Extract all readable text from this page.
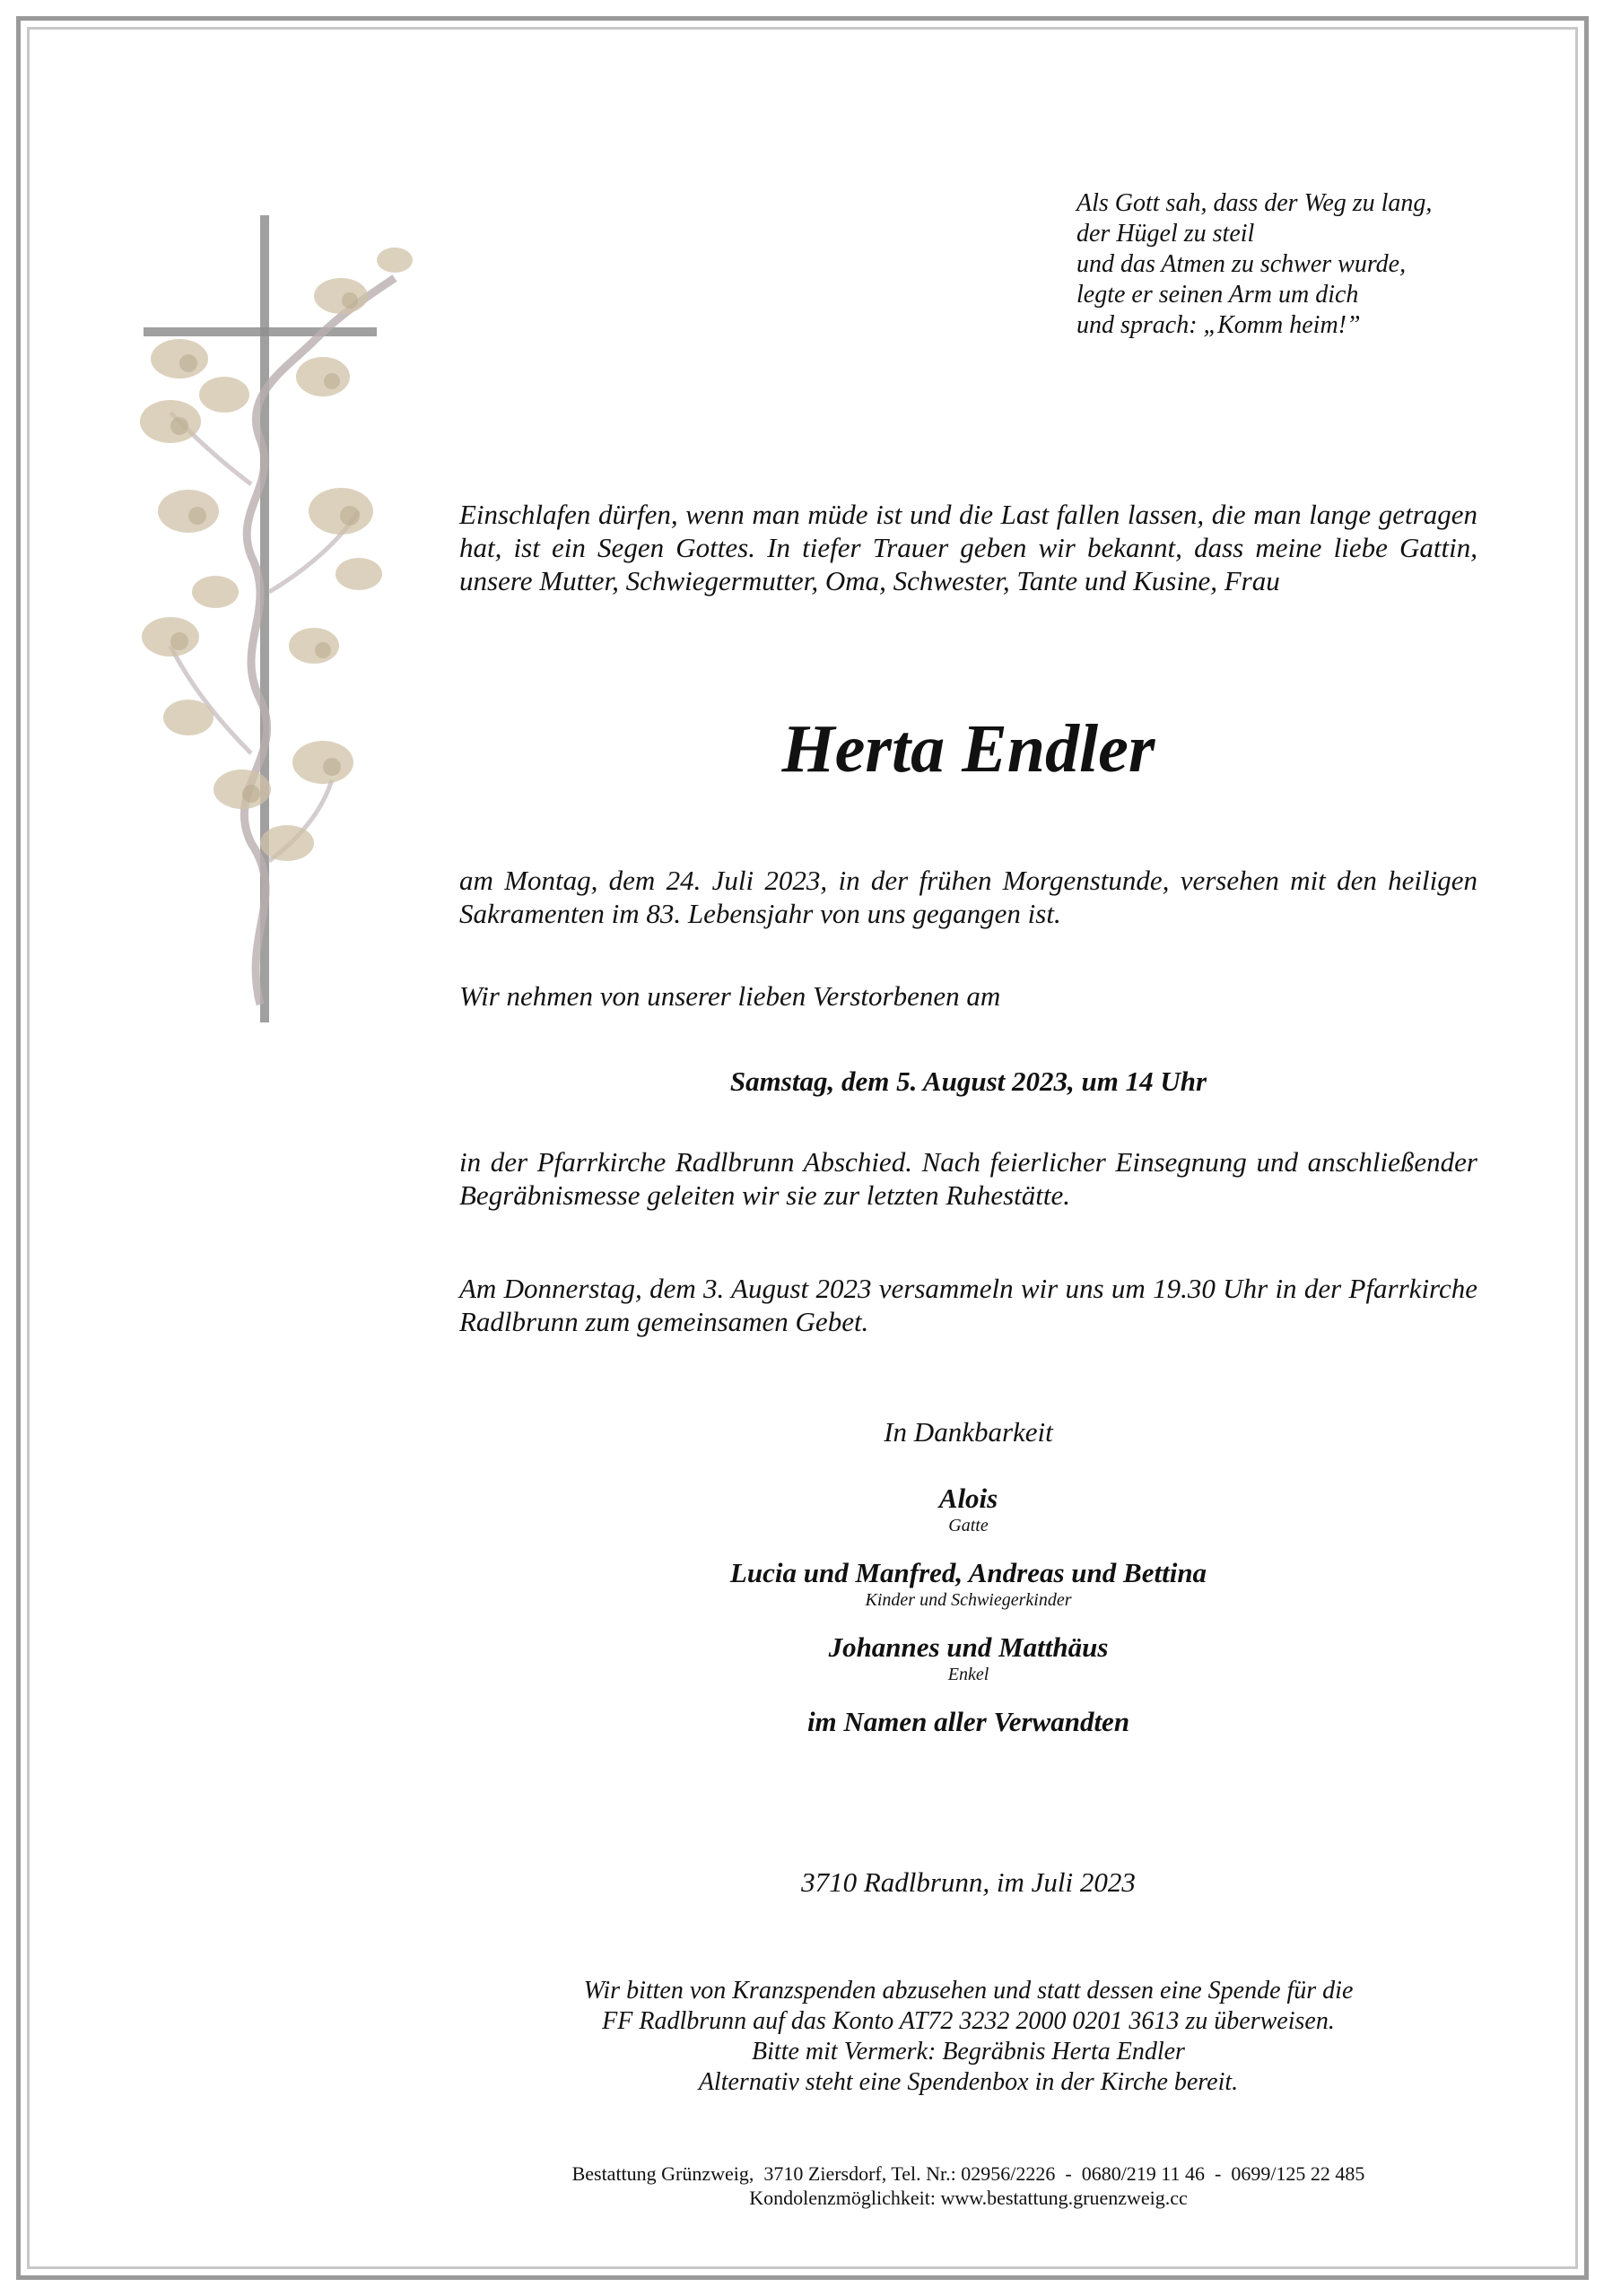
Als Gott sah, dass der Weg zu lang,
der Hügel zu steil
und das Atmen zu schwer wurde,
legte er seinen Arm um dich
und sprach: „Komm heim!”
Einschlafen dürfen, wenn man müde ist und die Last fallen lassen, die man lange getragen hat, ist ein Segen Gottes. In tiefer Trauer geben wir bekannt, dass meine liebe Gattin, unsere Mutter, Schwiegermutter, Oma, Schwester, Tante und Kusine, Frau
Herta Endler
am Montag, dem 24. Juli 2023, in der frühen Morgenstunde, versehen mit den heiligen Sakramenten im 83. Lebensjahr von uns gegangen ist.
Wir nehmen von unserer lieben Verstorbenen am
Samstag, dem 5. August 2023, um 14 Uhr
in der Pfarrkirche Radlbrunn Abschied. Nach feierlicher Einsegnung und anschließender Begräbnismesse geleiten wir sie zur letzten Ruhestätte.
Am Donnerstag, dem 3. August 2023 versammeln wir uns um 19.30 Uhr in der Pfarrkirche Radlbrunn zum gemeinsamen Gebet.
In Dankbarkeit
Alois
Gatte
Lucia und Manfred, Andreas und Bettina
Kinder und Schwiegerkinder
Johannes und Matthäus
Enkel
im Namen aller Verwandten
3710 Radlbrunn, im Juli 2023
Wir bitten von Kranzspenden abzusehen und statt dessen eine Spende für die
FF Radlbrunn auf das Konto AT72 3232 2000 0201 3613 zu überweisen.
Bitte mit Vermerk: Begräbnis Herta Endler
Alternativ steht eine Spendenbox in der Kirche bereit.
Bestattung Grünzweig,  3710 Ziersdorf, Tel. Nr.: 02956/2226  -  0680/219 11 46  -  0699/125 22 485
Kondolenzmöglichkeit: www.bestattung.gruenzweig.cc
